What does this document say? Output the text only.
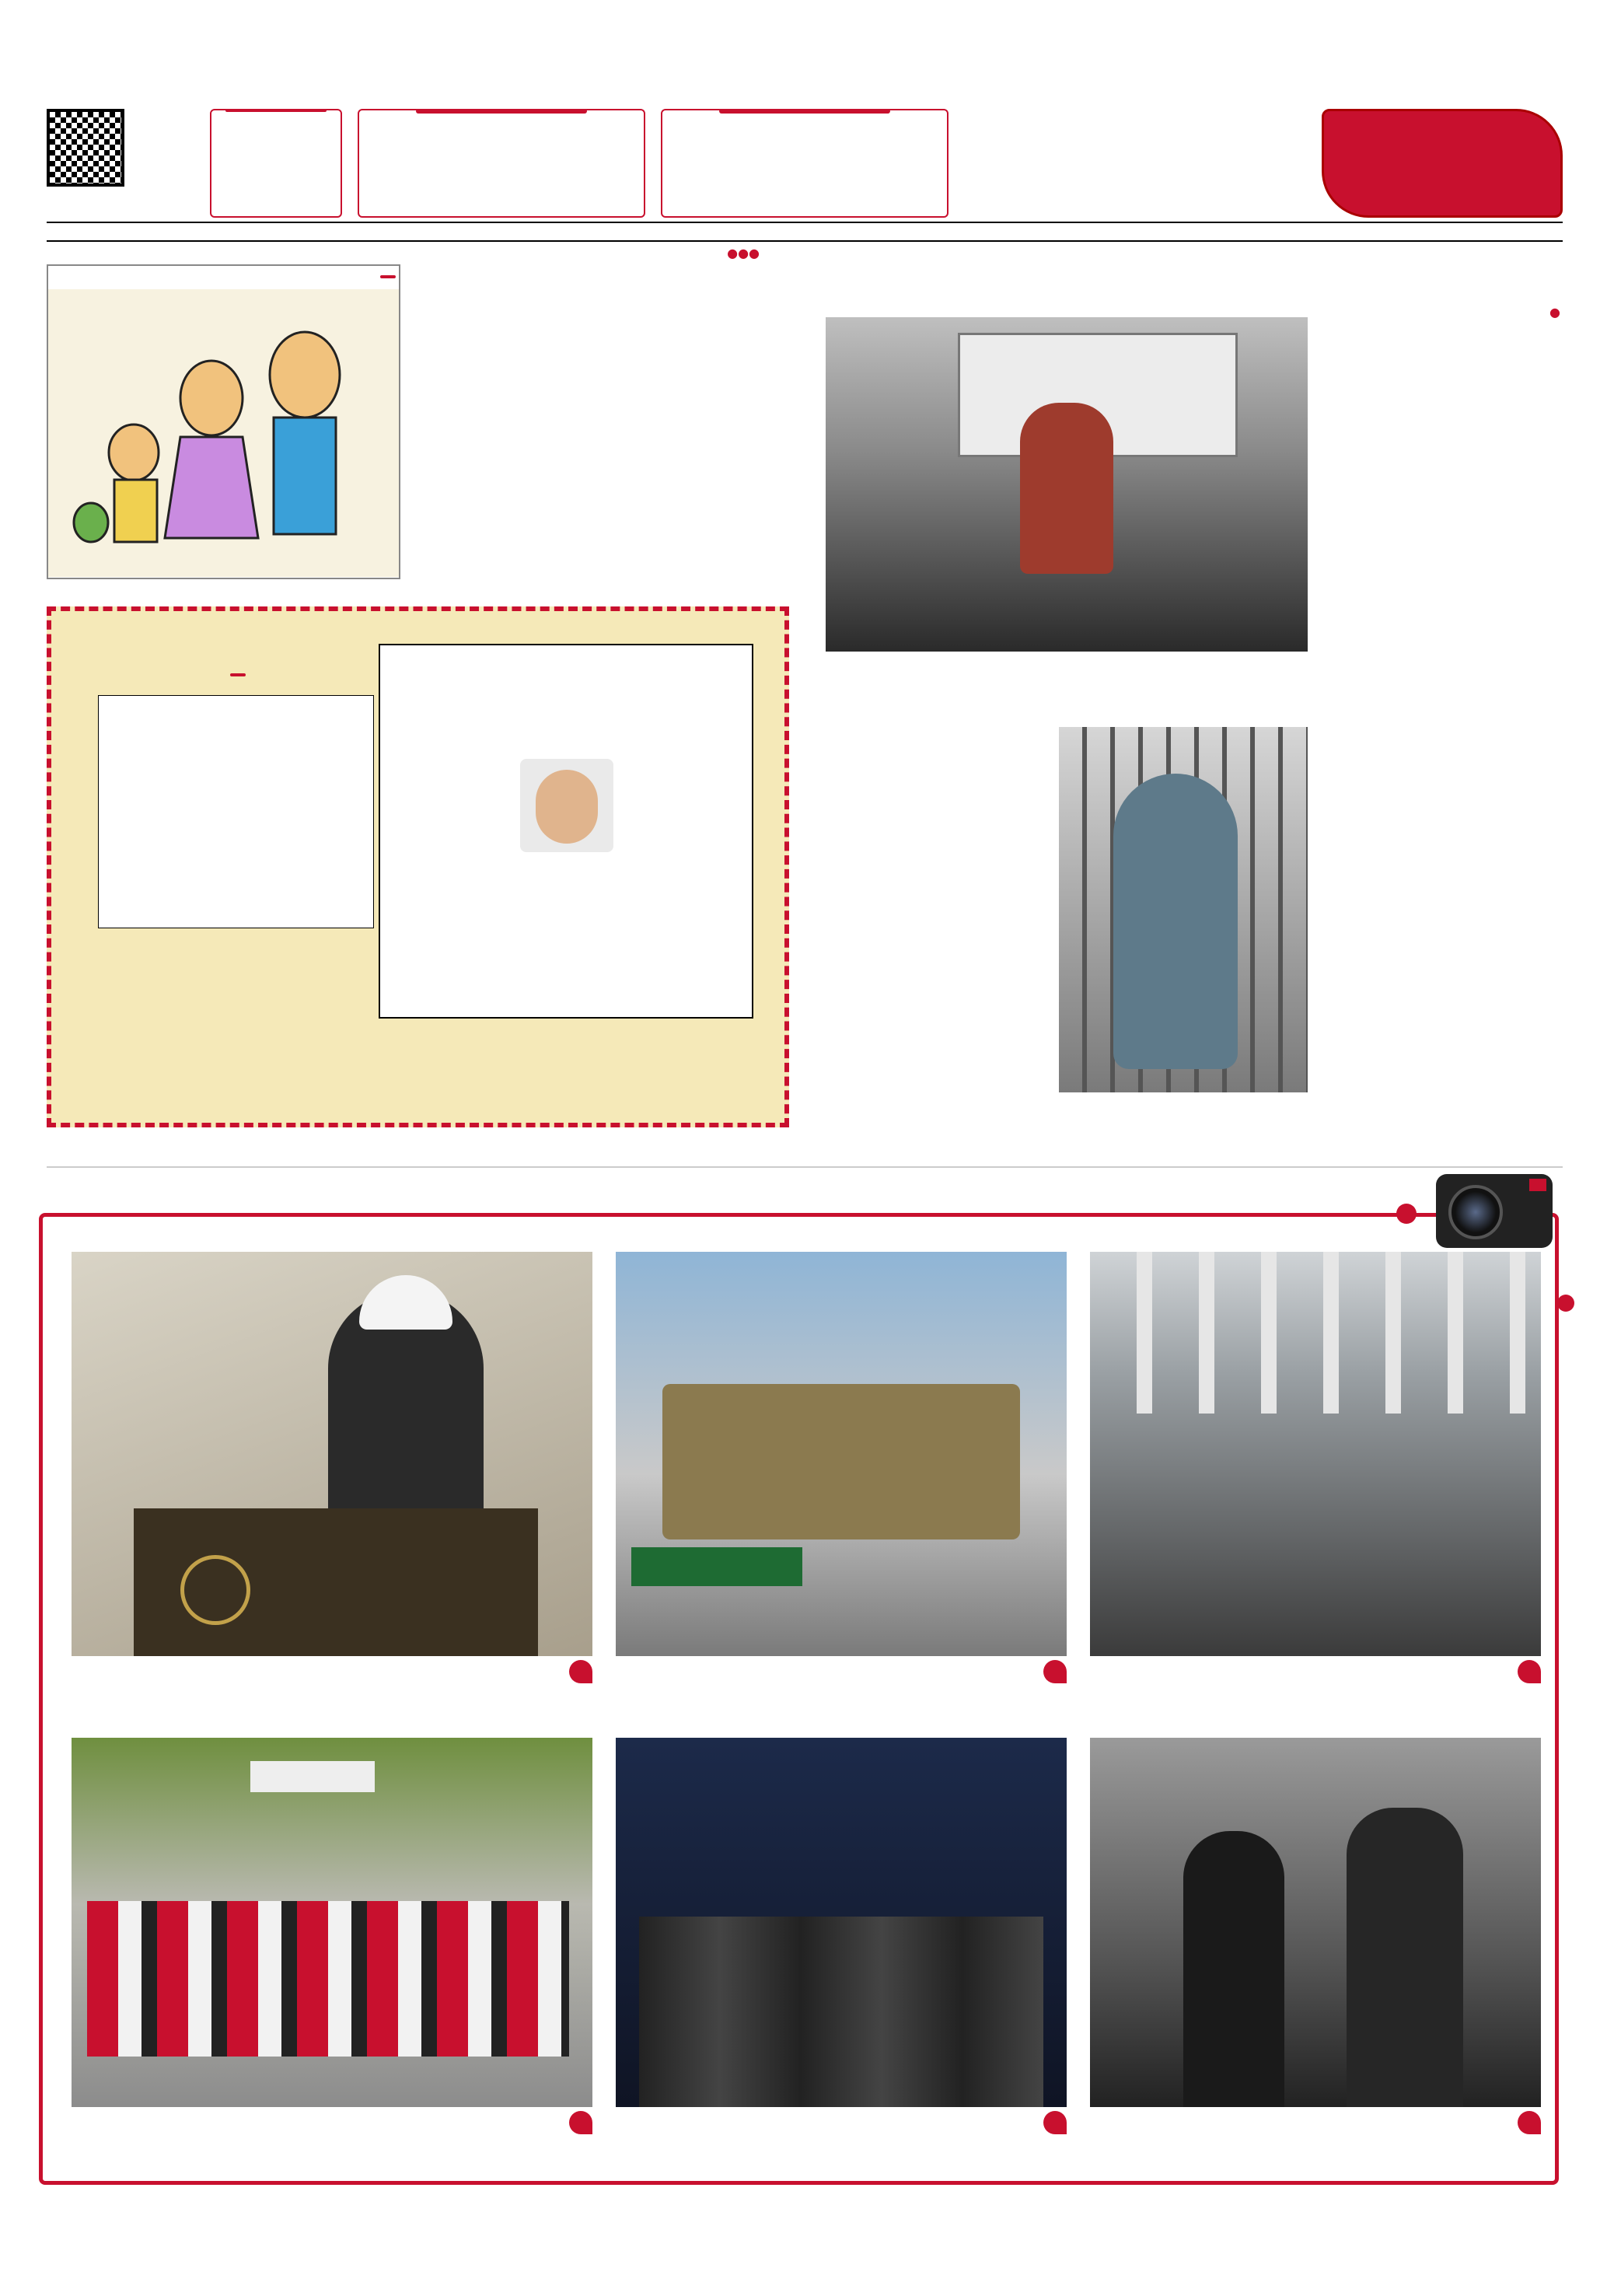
●

●●●
